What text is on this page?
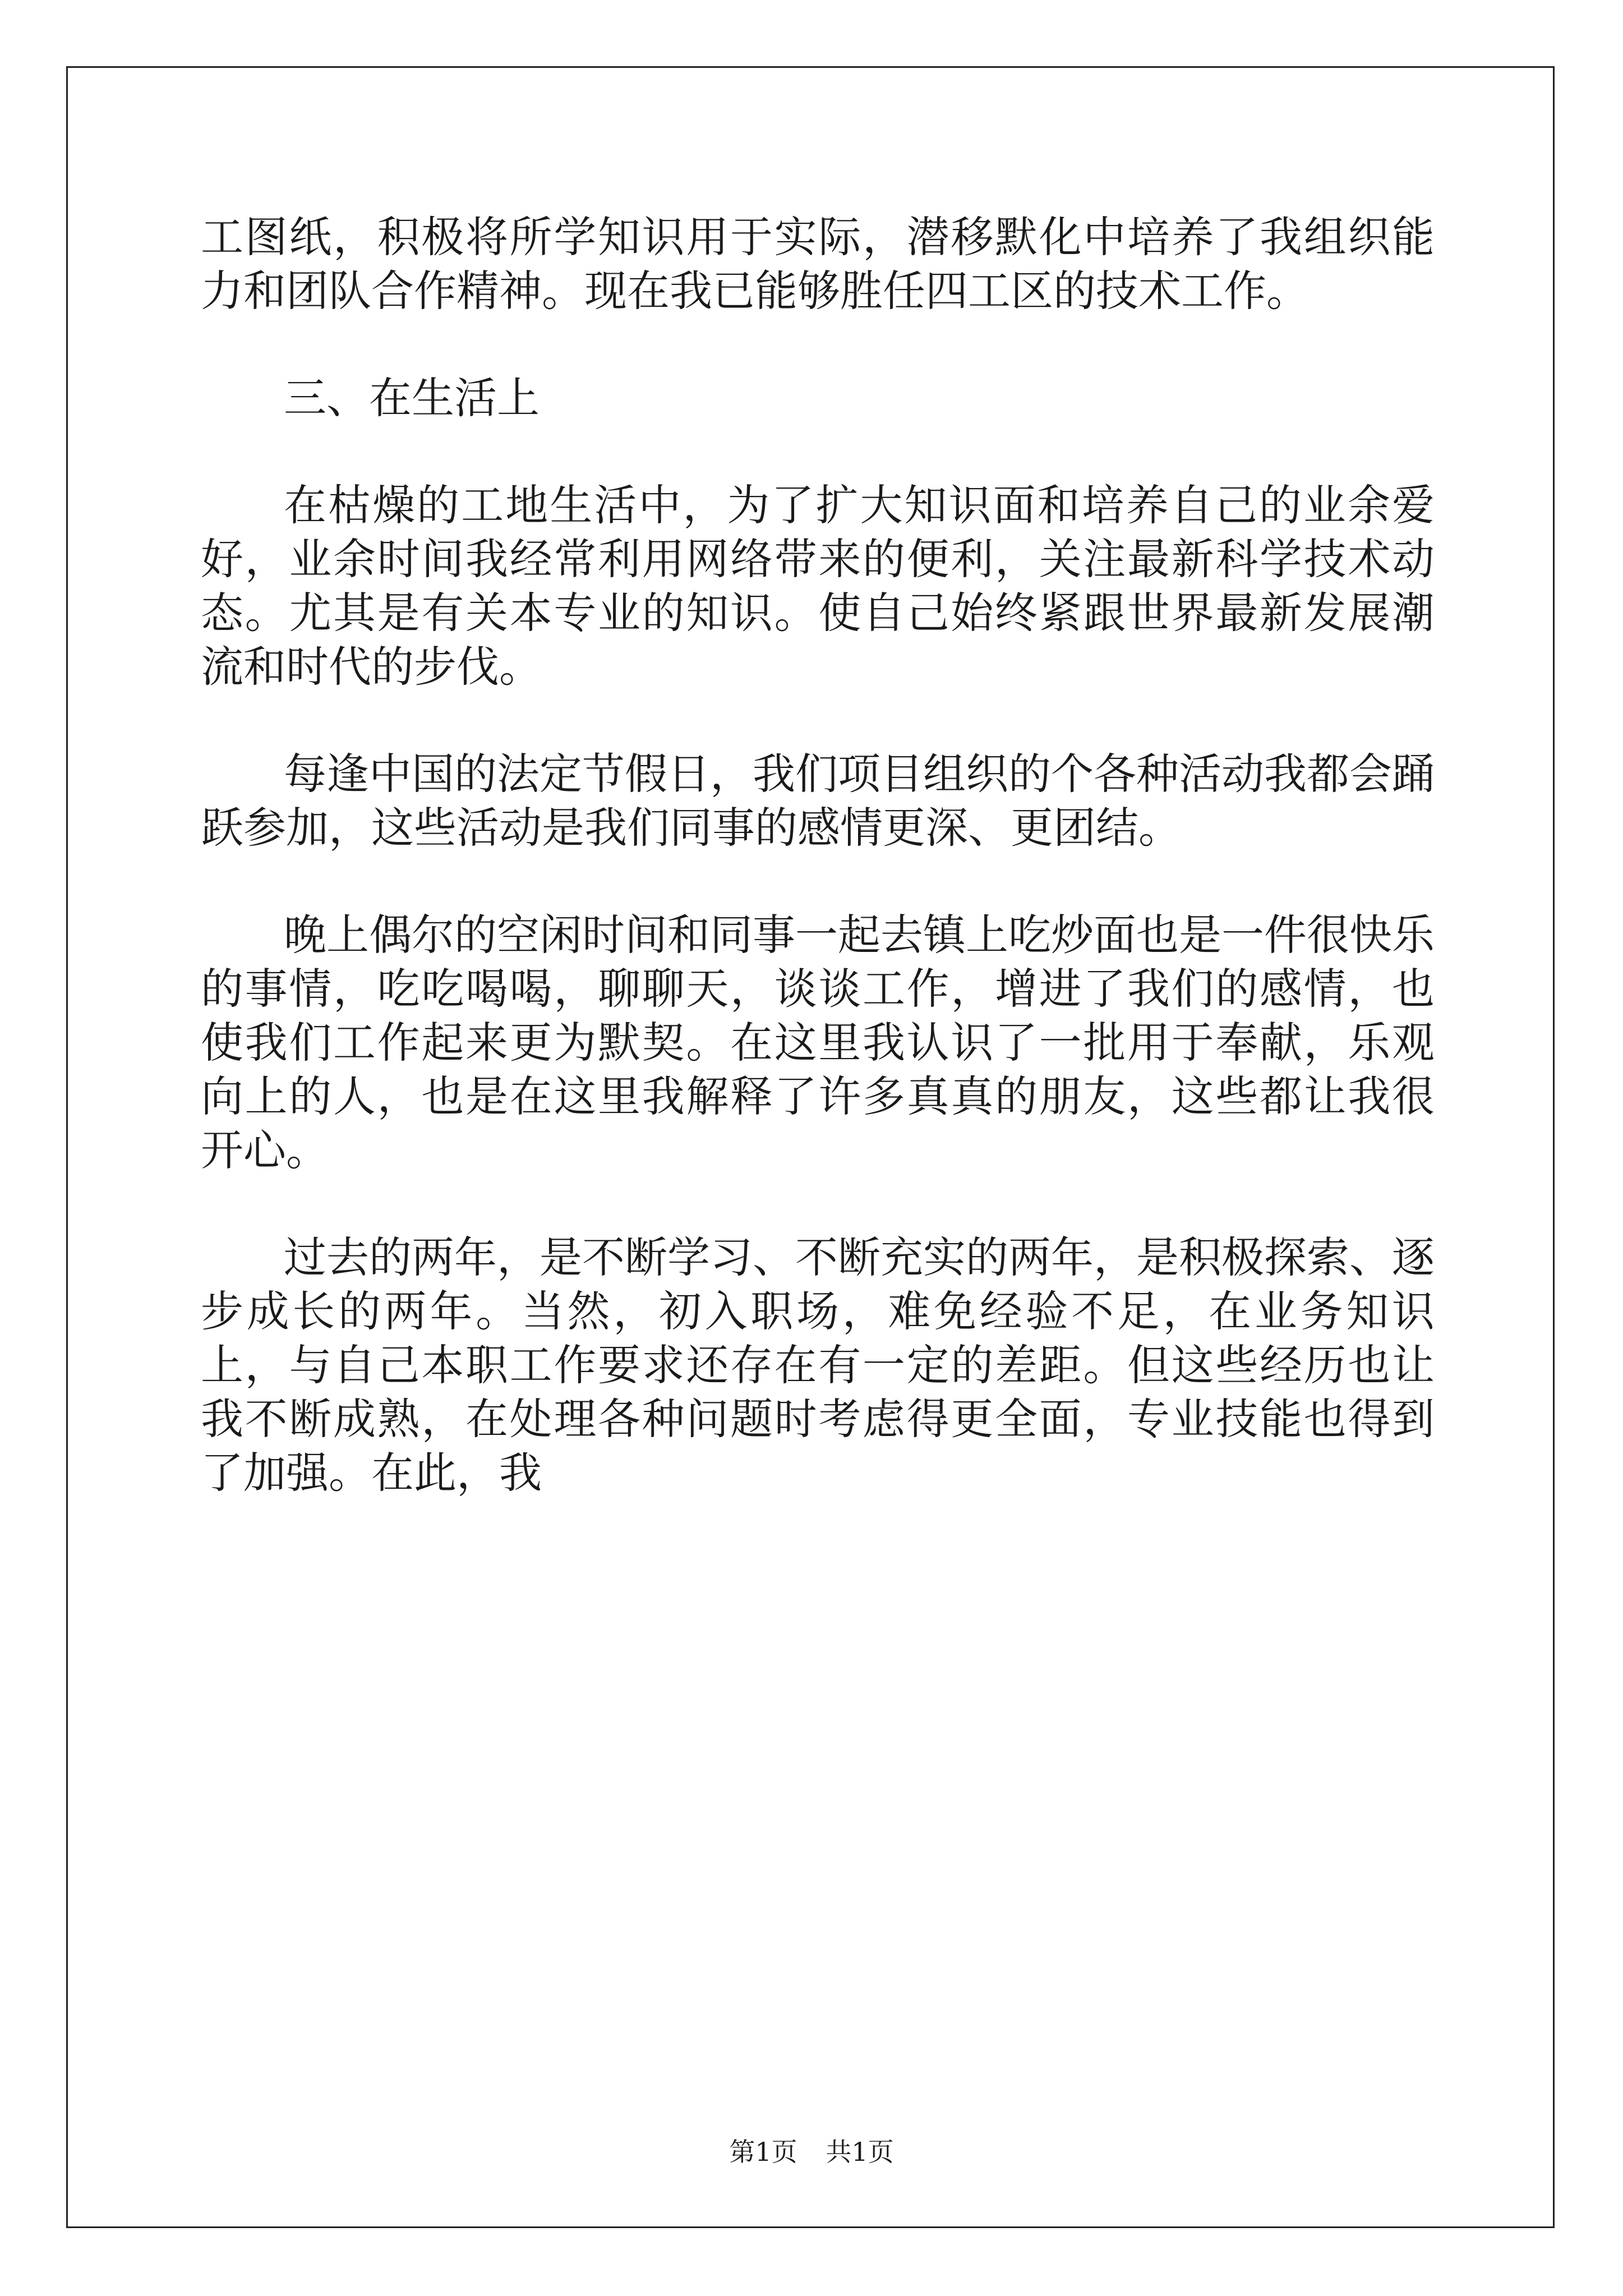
工图纸，积极将所学知识用于实际，潜移默化中培养了我组织能力和团队合作精神。现在我已能够胜任四工区的技术工作。

三、在生活上

在枯燥的工地生活中，为了扩大知识面和培养自己的业余爱好，业余时间我经常利用网络带来的便利，关注最新科学技术动态。尤其是有关本专业的知识。使自己始终紧跟世界最新发展潮流和时代的步伐。

每逢中国的法定节假日，我们项目组织的个各种活动我都会踊跃参加，这些活动是我们同事的感情更深、更团结。

晚上偶尔的空闲时间和同事一起去镇上吃炒面也是一件很快乐的事情，吃吃喝喝，聊聊天，谈谈工作，增进了我们的感情，也使我们工作起来更为默契。在这里我认识了一批用于奉献，乐观向上的人，也是在这里我解释了许多真真的朋友，这些都让我很开心。

过去的两年，是不断学习、不断充实的两年，是积极探索、逐步成长的两年。当然，初入职场，难免经验不足，在业务知识上，与自己本职工作要求还存在有一定的差距。但这些经历也让我不断成熟，在处理各种问题时考虑得更全面，专业技能也得到了加强。在此，我

第1页 共1页
